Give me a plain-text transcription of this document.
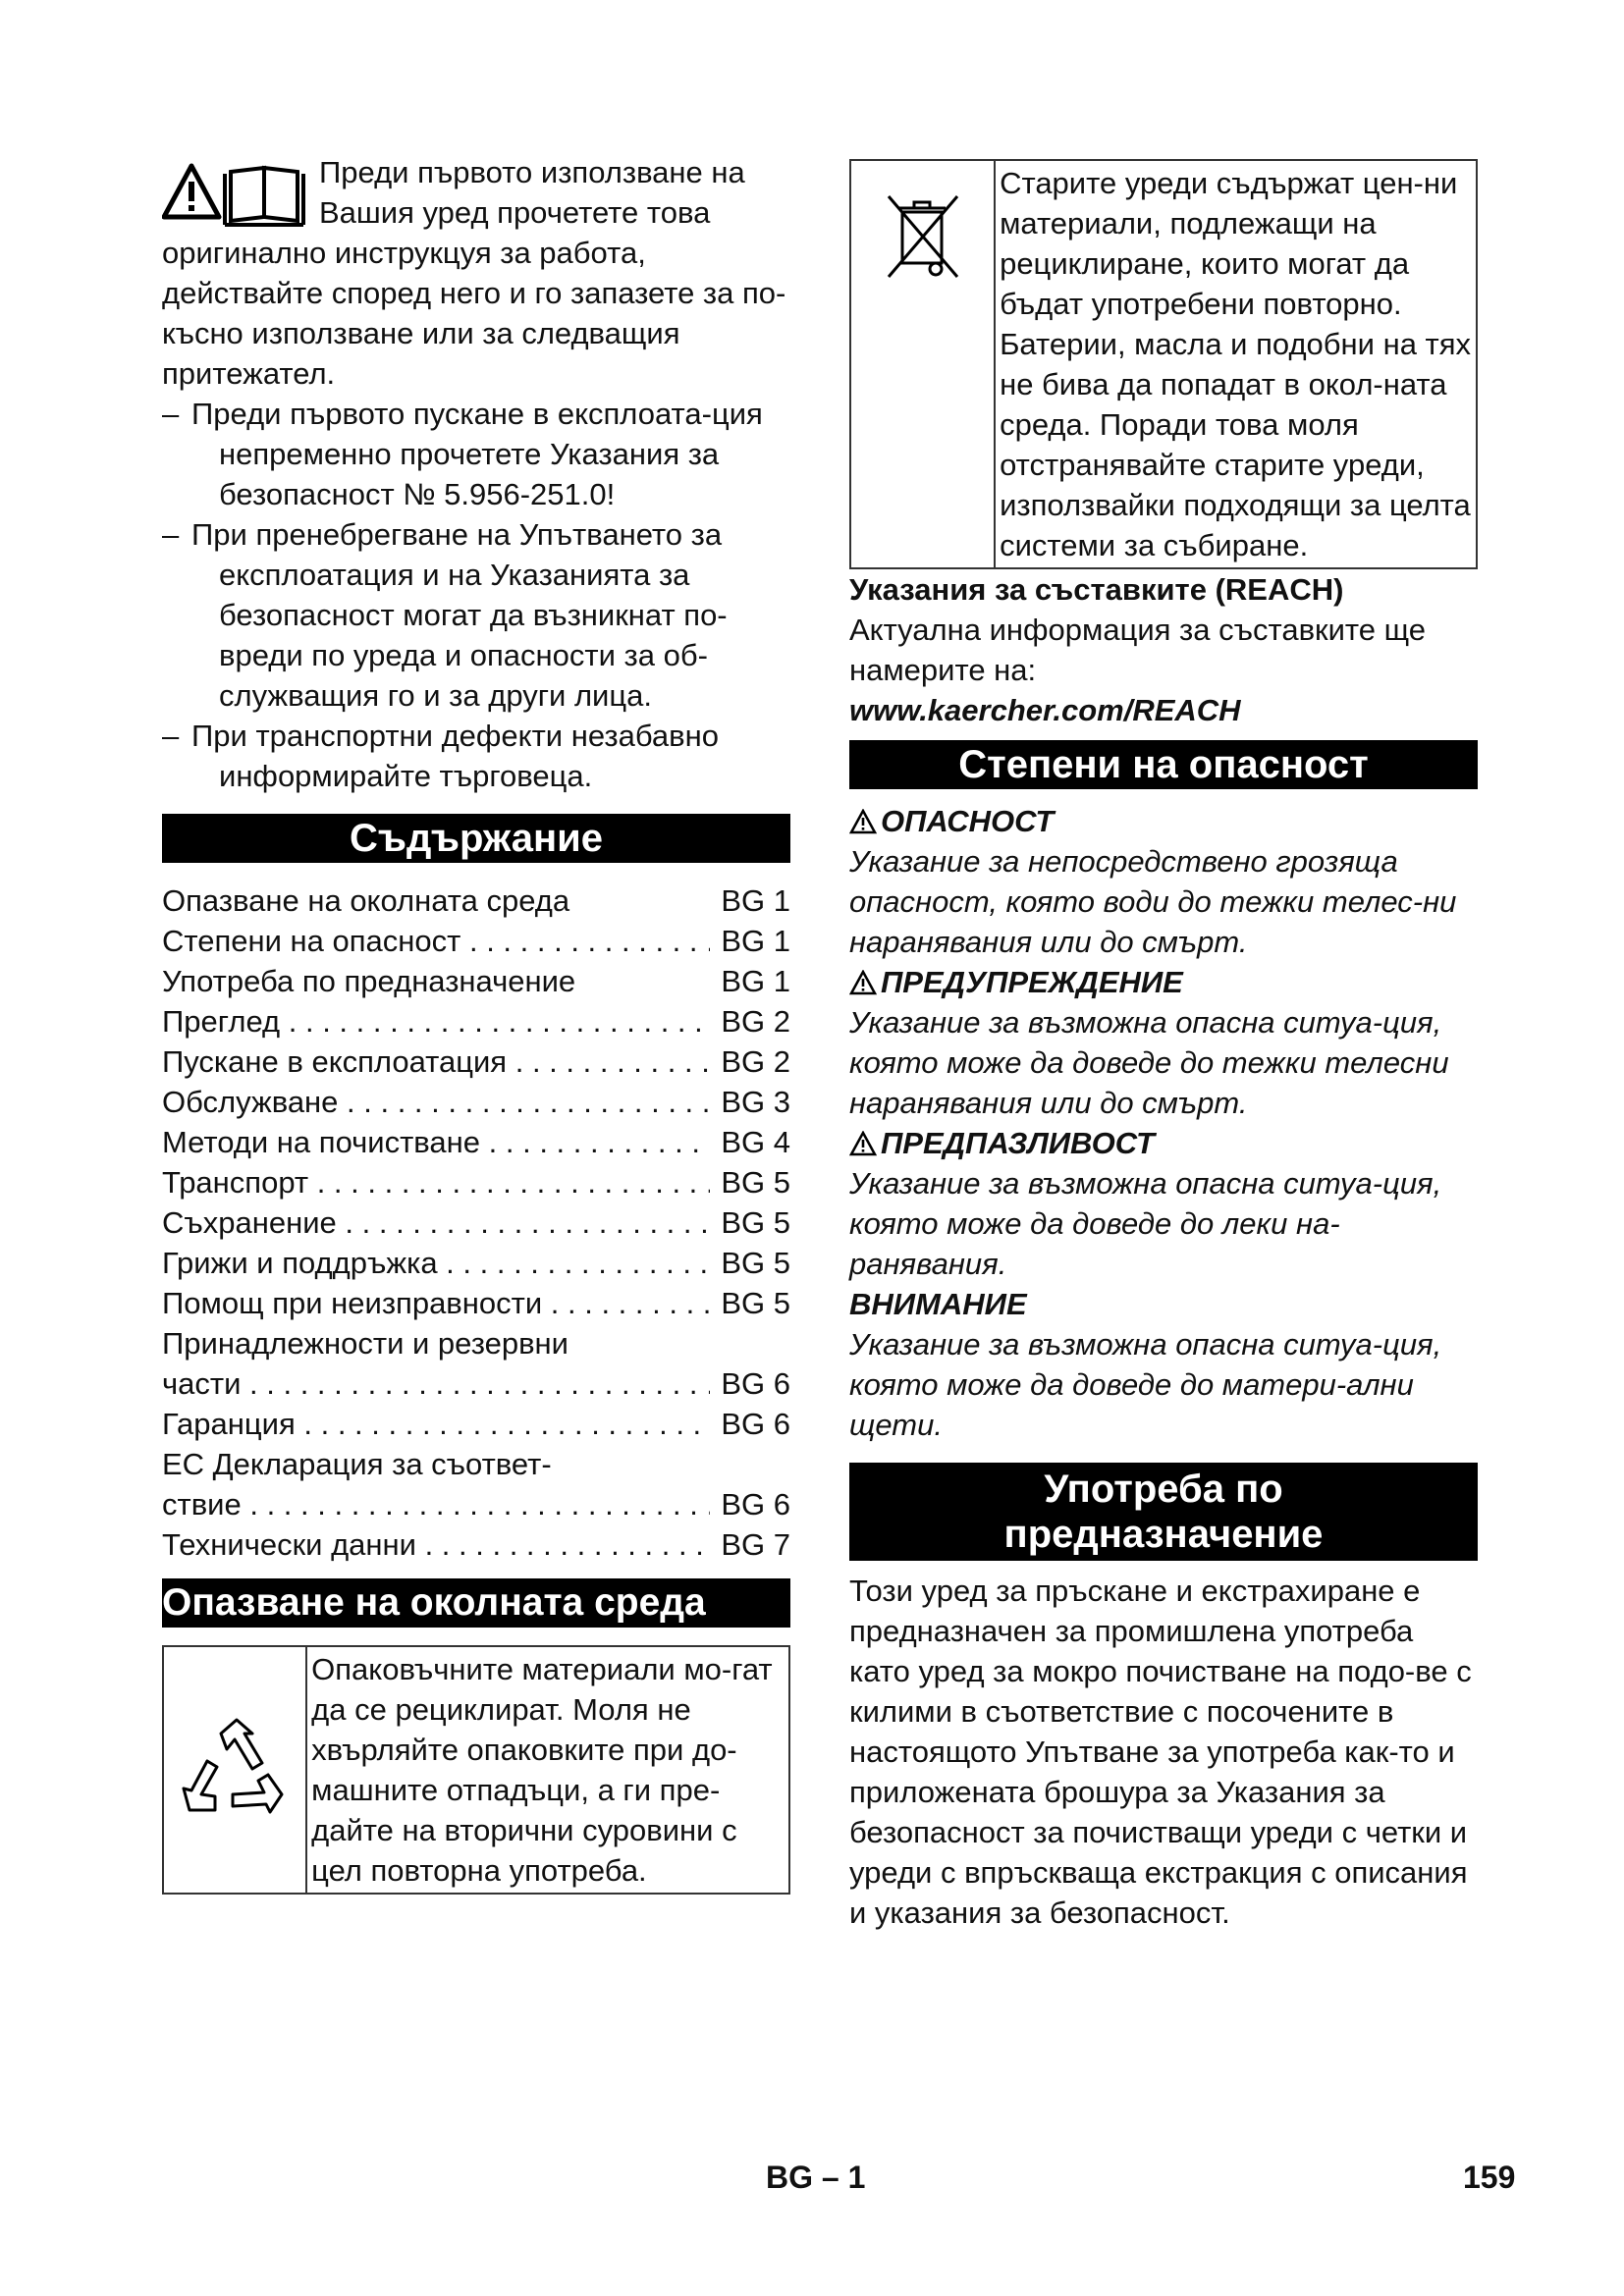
Преди първото използване на Вашия уред прочетете това

оригинално инструкцуя за работа, действайте според него и го запазете за по-късно използване или за следващия притежател.

– Преди първото пускане в експлоата-ция непременно прочетете Указания за безопасност № 5.956-251.0!
– При пренебрегване на Упътването за експлоатация и на Указанията за безопасност могат да възникнат по-вреди по уреда и опасности за об-служващия го и за други лица.
– При транспортни дефекти незабавно информирайте търговеца.
Съдържание
Опазване на околната среда	BG 1
Степени на опасност . . .	BG 1
Употреба по предназначение	BG 1
Преглед . . .	BG 2
Пускане в експлоатация . . .	BG 2
Обслужване . . .	BG 3
Методи на почистване . . .	BG 4
Транспорт . . .	BG 5
Съхранение . . .	BG 5
Грижи и поддръжка . . .	BG 5
Помощ при неизправности . . .	BG 5
Принадлежности и резервни
части . . .	BG 6
Гаранция . . .	BG 6
ЕС Декларация за съответ-
ствие . . .	BG 6
Технически данни . . .	BG 7
Опазване на околната среда
Опаковъчните материали мо-гат да се рециклират. Моля не хвърляйте опаковките при до-машните отпадъци, а ги пре-дайте на вторични суровини с цел повторна употреба.
Старите уреди съдържат цен-ни материали, подлежащи на рециклиране, които могат да бъдат употребени повторно. Батерии, масла и подобни на тях не бива да попадат в окол-ната среда. Поради това моля отстранявайте старите уреди, използвайки подходящи за целта системи за събиране.
Указания за съставките (REACH)
Актуална информация за съставките ще намерите на:
www.kaercher.com/REACH
Степени на опасност
ОПАСНОСТ
Указание за непосредствено грозяща опасност, която води до тежки телес-ни наранявания или до смърт.
ПРЕДУПРЕЖДЕНИЕ
Указание за възможна опасна ситуа-ция, която може да доведе до тежки телесни наранявания или до смърт.
ПРЕДПАЗЛИВОСТ
Указание за възможна опасна ситуа-ция, която може да доведе до леки на-ранявания.
ВНИМАНИЕ
Указание за възможна опасна ситуа-ция, която може да доведе до матери-ални щети.
Употреба по
предназначение
Този уред за пръскане и екстрахиране е предназначен за промишлена употреба като уред за мокро почистване на подо-ве с килими в съответствие с посочените в настоящото Упътване за употреба как-то и приложената брошура за Указания за безопасност за почистващи уреди с четки и уреди с впръскваща екстракция с описания и указания за безопасност.
BG – 1	159
